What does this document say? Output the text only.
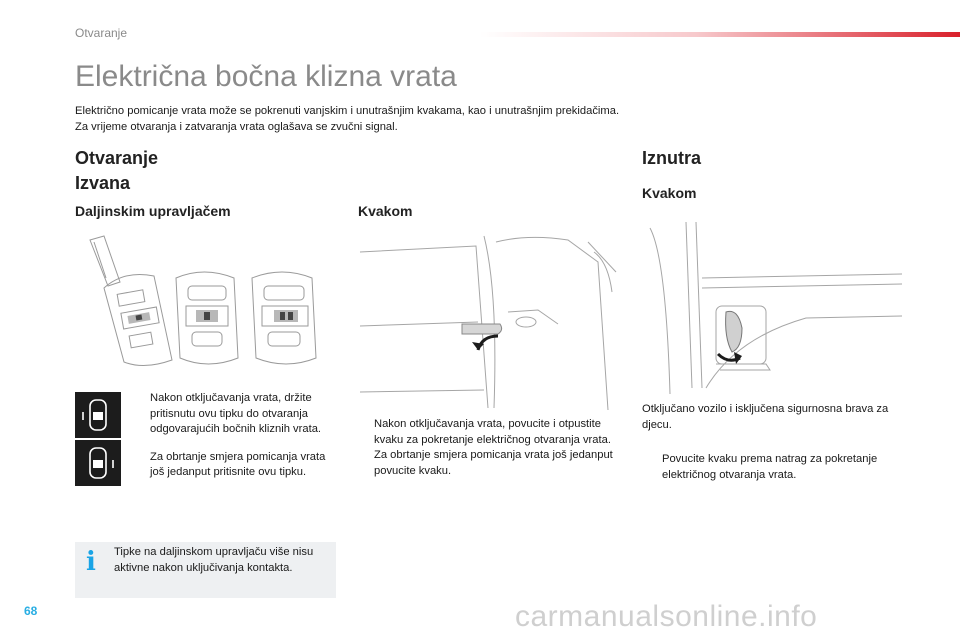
Otvaranje
Električna bočna klizna vrata
Električno pomicanje vrata može se pokrenuti vanjskim i unutrašnjim kvakama, kao i unutrašnjim prekidačima.
Za vrijeme otvaranja i zatvaranja vrata oglašava se zvučni signal.
Otvaranje
Izvana
Daljinskim upravljačem
Nakon otključavanja vrata, držite pritisnutu ovu tipku do otvaranja odgovarajućih bočnih kliznih vrata.
Za obrtanje smjera pomicanja vrata još jedanput pritisnite ovu tipku.
i	Tipke na daljinskom upravljaču više nisu aktivne nakon uključivanja kontakta.
Kvakom
Nakon otključavanja vrata, povucite i otpustite kvaku za pokretanje električnog otvaranja vrata.
Za obrtanje smjera pomicanja vrata još jedanput povucite kvaku.
Iznutra
Kvakom
Otključano vozilo i isključena sigurnosna brava za djecu.
Povucite kvaku prema natrag za pokretanje električnog otvaranja vrata.
68	carmanualsonline.info
